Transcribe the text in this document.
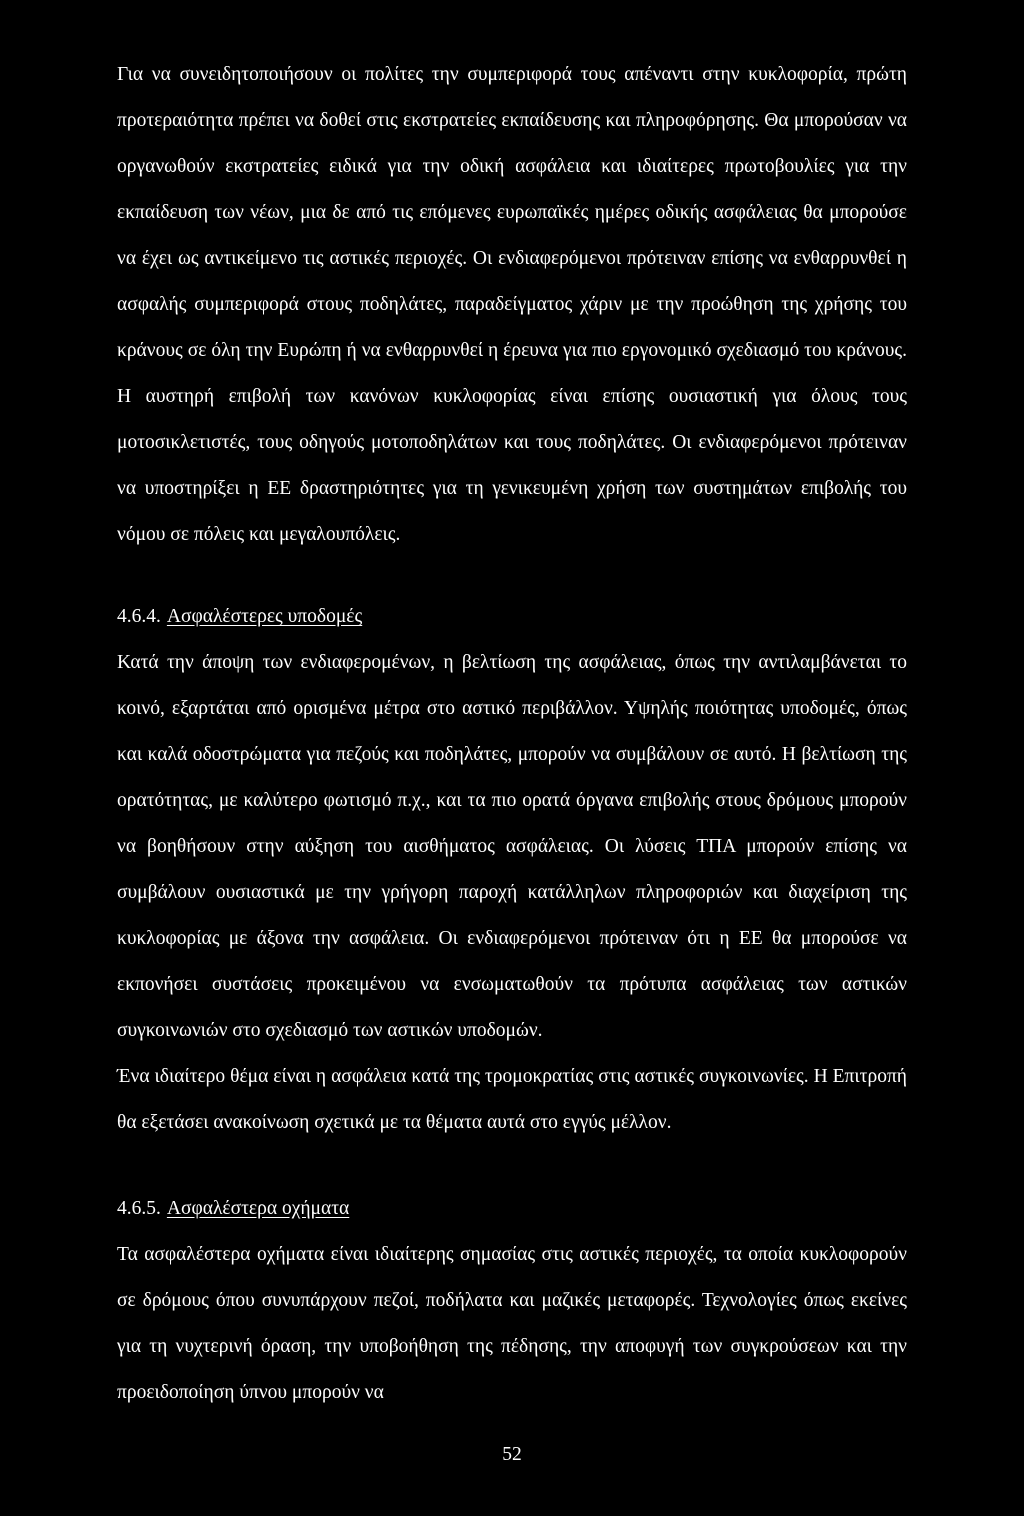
Για να συνειδητοποιήσουν οι πολίτες την συμπεριφορά τους απέναντι στην κυκλοφορία, πρώτη προτεραιότητα πρέπει να δοθεί στις εκστρατείες εκπαίδευσης και πληροφόρησης. Θα μπορούσαν να οργανωθούν εκστρατείες ειδικά για την οδική ασφάλεια και ιδιαίτερες πρωτοβουλίες για την εκπαίδευση των νέων, μια δε από τις επόμενες ευρωπαϊκές ημέρες οδικής ασφάλειας θα μπορούσε να έχει ως αντικείμενο τις αστικές περιοχές. Οι ενδιαφερόμενοι πρότειναν επίσης να ενθαρρυνθεί η ασφαλής συμπεριφορά στους ποδηλάτες, παραδείγματος χάριν με την προώθηση της χρήσης του κράνους σε όλη την Ευρώπη ή να ενθαρρυνθεί η έρευνα για πιο εργονομικό σχεδιασμό του κράνους. Η αυστηρή επιβολή των κανόνων κυκλοφορίας είναι επίσης ουσιαστική για όλους τους μοτοσικλετιστές, τους οδηγούς μοτοποδηλάτων και τους ποδηλάτες. Οι ενδιαφερόμενοι πρότειναν να υποστηρίξει η ΕΕ δραστηριότητες για τη γενικευμένη χρήση των συστημάτων επιβολής του νόμου σε πόλεις και μεγαλουπόλεις.

4.6.4. Ασφαλέστερες υποδομές

Κατά την άποψη των ενδιαφερομένων, η βελτίωση της ασφάλειας, όπως την αντιλαμβάνεται το κοινό, εξαρτάται από ορισμένα μέτρα στο αστικό περιβάλλον. Υψηλής ποιότητας υποδομές, όπως και καλά οδοστρώματα για πεζούς και ποδηλάτες, μπορούν να συμβάλουν σε αυτό. Η βελτίωση της ορατότητας, με καλύτερο φωτισμό π.χ., και τα πιο ορατά όργανα επιβολής στους δρόμους μπορούν να βοηθήσουν στην αύξηση του αισθήματος ασφάλειας. Οι λύσεις ΤΠΑ μπορούν επίσης να συμβάλουν ουσιαστικά με την γρήγορη παροχή κατάλληλων πληροφοριών και διαχείριση της κυκλοφορίας με άξονα την ασφάλεια. Οι ενδιαφερόμενοι πρότειναν ότι η ΕΕ θα μπορούσε να εκπονήσει συστάσεις προκειμένου να ενσωματωθούν τα πρότυπα ασφάλειας των αστικών συγκοινωνιών στο σχεδιασμό των αστικών υποδομών.

Ένα ιδιαίτερο θέμα είναι η ασφάλεια κατά της τρομοκρατίας στις αστικές συγκοινωνίες. Η Επιτροπή θα εξετάσει ανακοίνωση σχετικά με τα θέματα αυτά στο εγγύς μέλλον.

4.6.5. Ασφαλέστερα οχήματα

Τα ασφαλέστερα οχήματα είναι ιδιαίτερης σημασίας στις αστικές περιοχές, τα οποία κυκλοφορούν σε δρόμους όπου συνυπάρχουν πεζοί, ποδήλατα και μαζικές μεταφορές. Τεχνολογίες όπως εκείνες για τη νυχτερινή όραση, την υποβοήθηση της πέδησης, την αποφυγή των συγκρούσεων και την προειδοποίηση ύπνου μπορούν να

52
